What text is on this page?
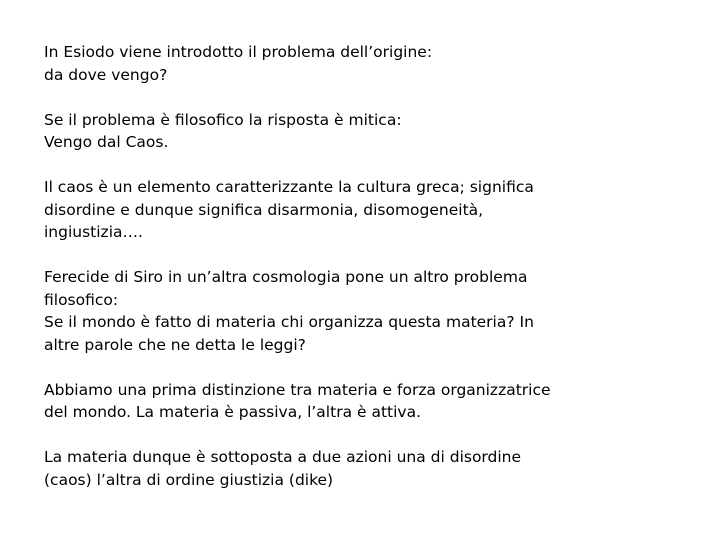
In Esiodo viene introdotto il problema dell’origine:
da dove vengo?

Se il problema è filosofico la risposta è mitica:
Vengo dal Caos.

Il caos è un elemento caratterizzante la cultura greca; significa
disordine e dunque significa disarmonia, disomogeneità,
ingiustizia….

Ferecide di Siro in un’altra cosmologia pone un altro problema
filosofico:
Se il mondo è fatto di materia chi organizza questa materia? In
altre parole che ne detta le leggi?

Abbiamo una prima distinzione tra materia e forza organizzatrice
del mondo. La materia è passiva, l’altra è attiva.

La materia dunque è sottoposta a due azioni una di disordine
(caos) l’altra di ordine giustizia (dike)
